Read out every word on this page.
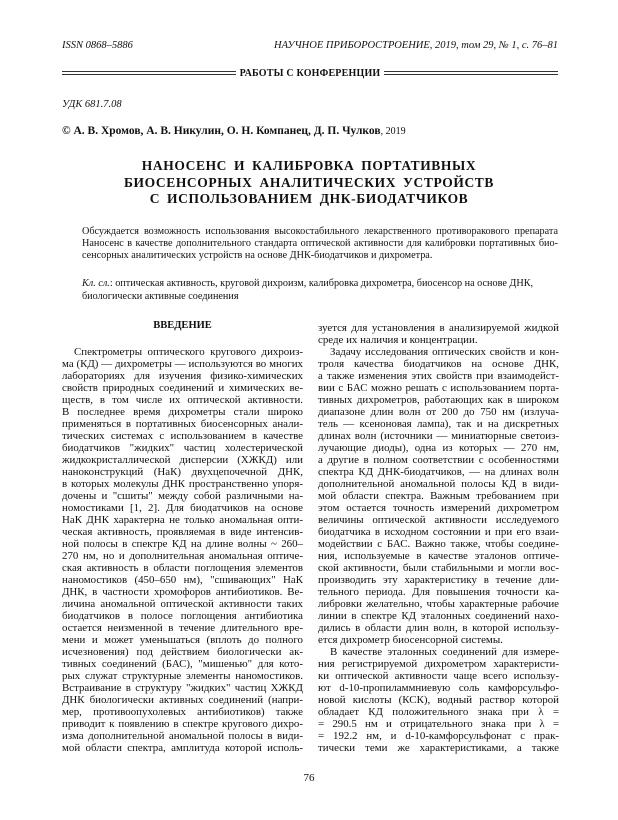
ISSN 0868–5886	НАУЧНОЕ ПРИБОРОСТРОЕНИЕ, 2019, том 29, № 1, с. 76–81
РАБОТЫ С КОНФЕРЕНЦИИ
УДК 681.7.08
© А. В. Хромов, А. В. Никулин, О. Н. Компанец, Д. П. Чулков, 2019
НАНОСЕНС И КАЛИБРОВКА ПОРТАТИВНЫХ
БИОСЕНСОРНЫХ АНАЛИТИЧЕСКИХ УСТРОЙСТВ
С ИСПОЛЬЗОВАНИЕМ ДНК-БИОДАТЧИКОВ
Обсуждается возможность использования высокостабильного лекарственного противоракового препарата
Наносенс в качестве дополнительного стандарта оптической активности для калибровки портативных био-
сенсорных аналитических устройств на основе ДНК-биодатчиков и дихрометра.
Кл. сл.: оптическая активность, круговой дихроизм, калибровка дихрометра, биосенсор на основе ДНК,
биологически активные соединения
ВВЕДЕНИЕ
Спектрометры оптического кругового дихроиз-
ма (КД) — дихрометры — используются во многих
лабораториях для изучения физико-химических
свойств природных соединений и химических ве-
ществ, в том числе их оптической активности.
В последнее время дихрометры стали широко
применяться в портативных биосенсорных анали-
тических системах с использованием в качестве
биодатчиков "жидких" частиц холестерической
жидкокристаллической дисперсии (ХЖКД) или
наноконструкций (НаК) двухцепочечной ДНК,
в которых молекулы ДНК пространственно упоря-
дочены и "сшиты" между собой различными на-
номостиками [1, 2]. Для биодатчиков на основе
НаК ДНК характерна не только аномальная опти-
ческая активность, проявляемая в виде интенсив-
ной полосы в спектре КД на длине волны ~ 260–
270 нм, но и дополнительная аномальная оптиче-
ская активность в области поглощения элементов
наномостиков (450–650 нм), "сшивающих" НаК
ДНК, в частности хромофоров антибиотиков. Ве-
личина аномальной оптической активности таких
биодатчиков в полосе поглощения антибиотика
остается неизменной в течение длительного вре-
мени и может уменьшаться (вплоть до полного
исчезновения) под действием биологически ак-
тивных соединений (БАС), "мишенью" для кото-
рых служат структурные элементы наномостиков.
Встраивание в структуру "жидких" частиц ХЖКД
ДНК биологически активных соединений (напри-
мер, противоопухолевых антибиотиков) также
приводит к появлению в спектре кругового дихро-
изма дополнительной аномальной полосы в види-
мой области спектра, амплитуда которой исполь-
зуется для установления в анализируемой жидкой
среде их наличия и концентрации.
Задачу исследования оптических свойств и кон-
троля качества биодатчиков на основе ДНК,
а также изменения этих свойств при взаимодейст-
вии с БАС можно решать с использованием порта-
тивных дихрометров, работающих как в широком
диапазоне длин волн от 200 до 750 нм (излуча-
тель — ксеноновая лампа), так и на дискретных
длинах волн (источники — миниатюрные светоиз-
лучающие диоды), одна из которых — 270 нм,
а другие в полном соответствии с особенностями
спектра КД ДНК-биодатчиков, — на длинах волн
дополнительной аномальной полосы КД в види-
мой области спектра. Важным требованием при
этом остается точность измерений дихрометром
величины оптической активности исследуемого
биодатчика в исходном состоянии и при его взаи-
модействии с БАС. Важно также, чтобы соедине-
ния, используемые в качестве эталонов оптиче-
ской активности, были стабильными и могли вос-
производить эту характеристику в течение дли-
тельного периода. Для повышения точности ка-
либровки желательно, чтобы характерные рабочие
линии в спектре КД эталонных соединений нахо-
дились в области длин волн, в которой использу-
ется дихрометр биосенсорной системы.
В качестве эталонных соединений для измере-
ния регистрируемой дихрометром характеристи-
ки оптической активности чаще всего использу-
ют d-10-пропиламмниевую соль камфорсульфо-
новой кислоты (КСК), водный раствор которой
обладает КД положительного знака при λ =
= 290.5 нм и отрицательного знака при λ =
= 192.2 нм, и d-10-камфорсульфонат с прак-
тически теми же характеристиками, а также
76
